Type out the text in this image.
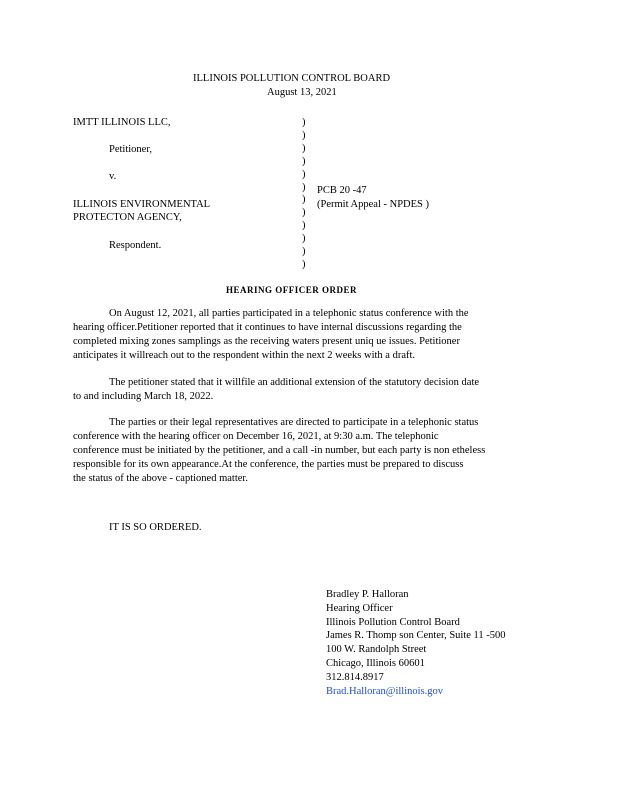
ILLINOIS POLLUTION CONTROL BOARD
August 13, 2021
IMTT ILLINOIS LLC,
Petitioner,
v.
ILLINOIS ENVIRONMENTAL
PROTECTON AGENCY,
Respondent.
)
)
)
)
)
)
)
)
)
)
)
)
PCB 20 -47
(Permit Appeal - NPDES )
HEARING OFFICER ORDER
On August 12, 2021, all parties participated in a telephonic status conference with the
hearing officer.Petitioner reported that it continues to have internal discussions regarding the
completed mixing zones samplings as the receiving waters present uniq ue issues. Petitioner
anticipates it willreach out to the respondent within the next 2 weeks with a draft.
The petitioner stated that it willfile an additional extension of the statutory decision date
to and including March 18, 2022.
The parties or their legal representatives are directed to participate in a telephonic status
conference with the hearing officer on December 16, 2021, at 9:30 a.m. The telephonic
conference must be initiated by the petitioner, and a call -in number, but each party is non etheless
responsible for its own appearance.At the conference, the parties must be prepared to discuss
the status of the above - captioned matter.
IT IS SO ORDERED.
Bradley P. Halloran
Hearing Officer
Illinois Pollution Control Board
James R. Thomp son Center, Suite 11 -500
100 W. Randolph Street
Chicago, Illinois 60601
312.814.8917
Brad.Halloran@illinois.gov
